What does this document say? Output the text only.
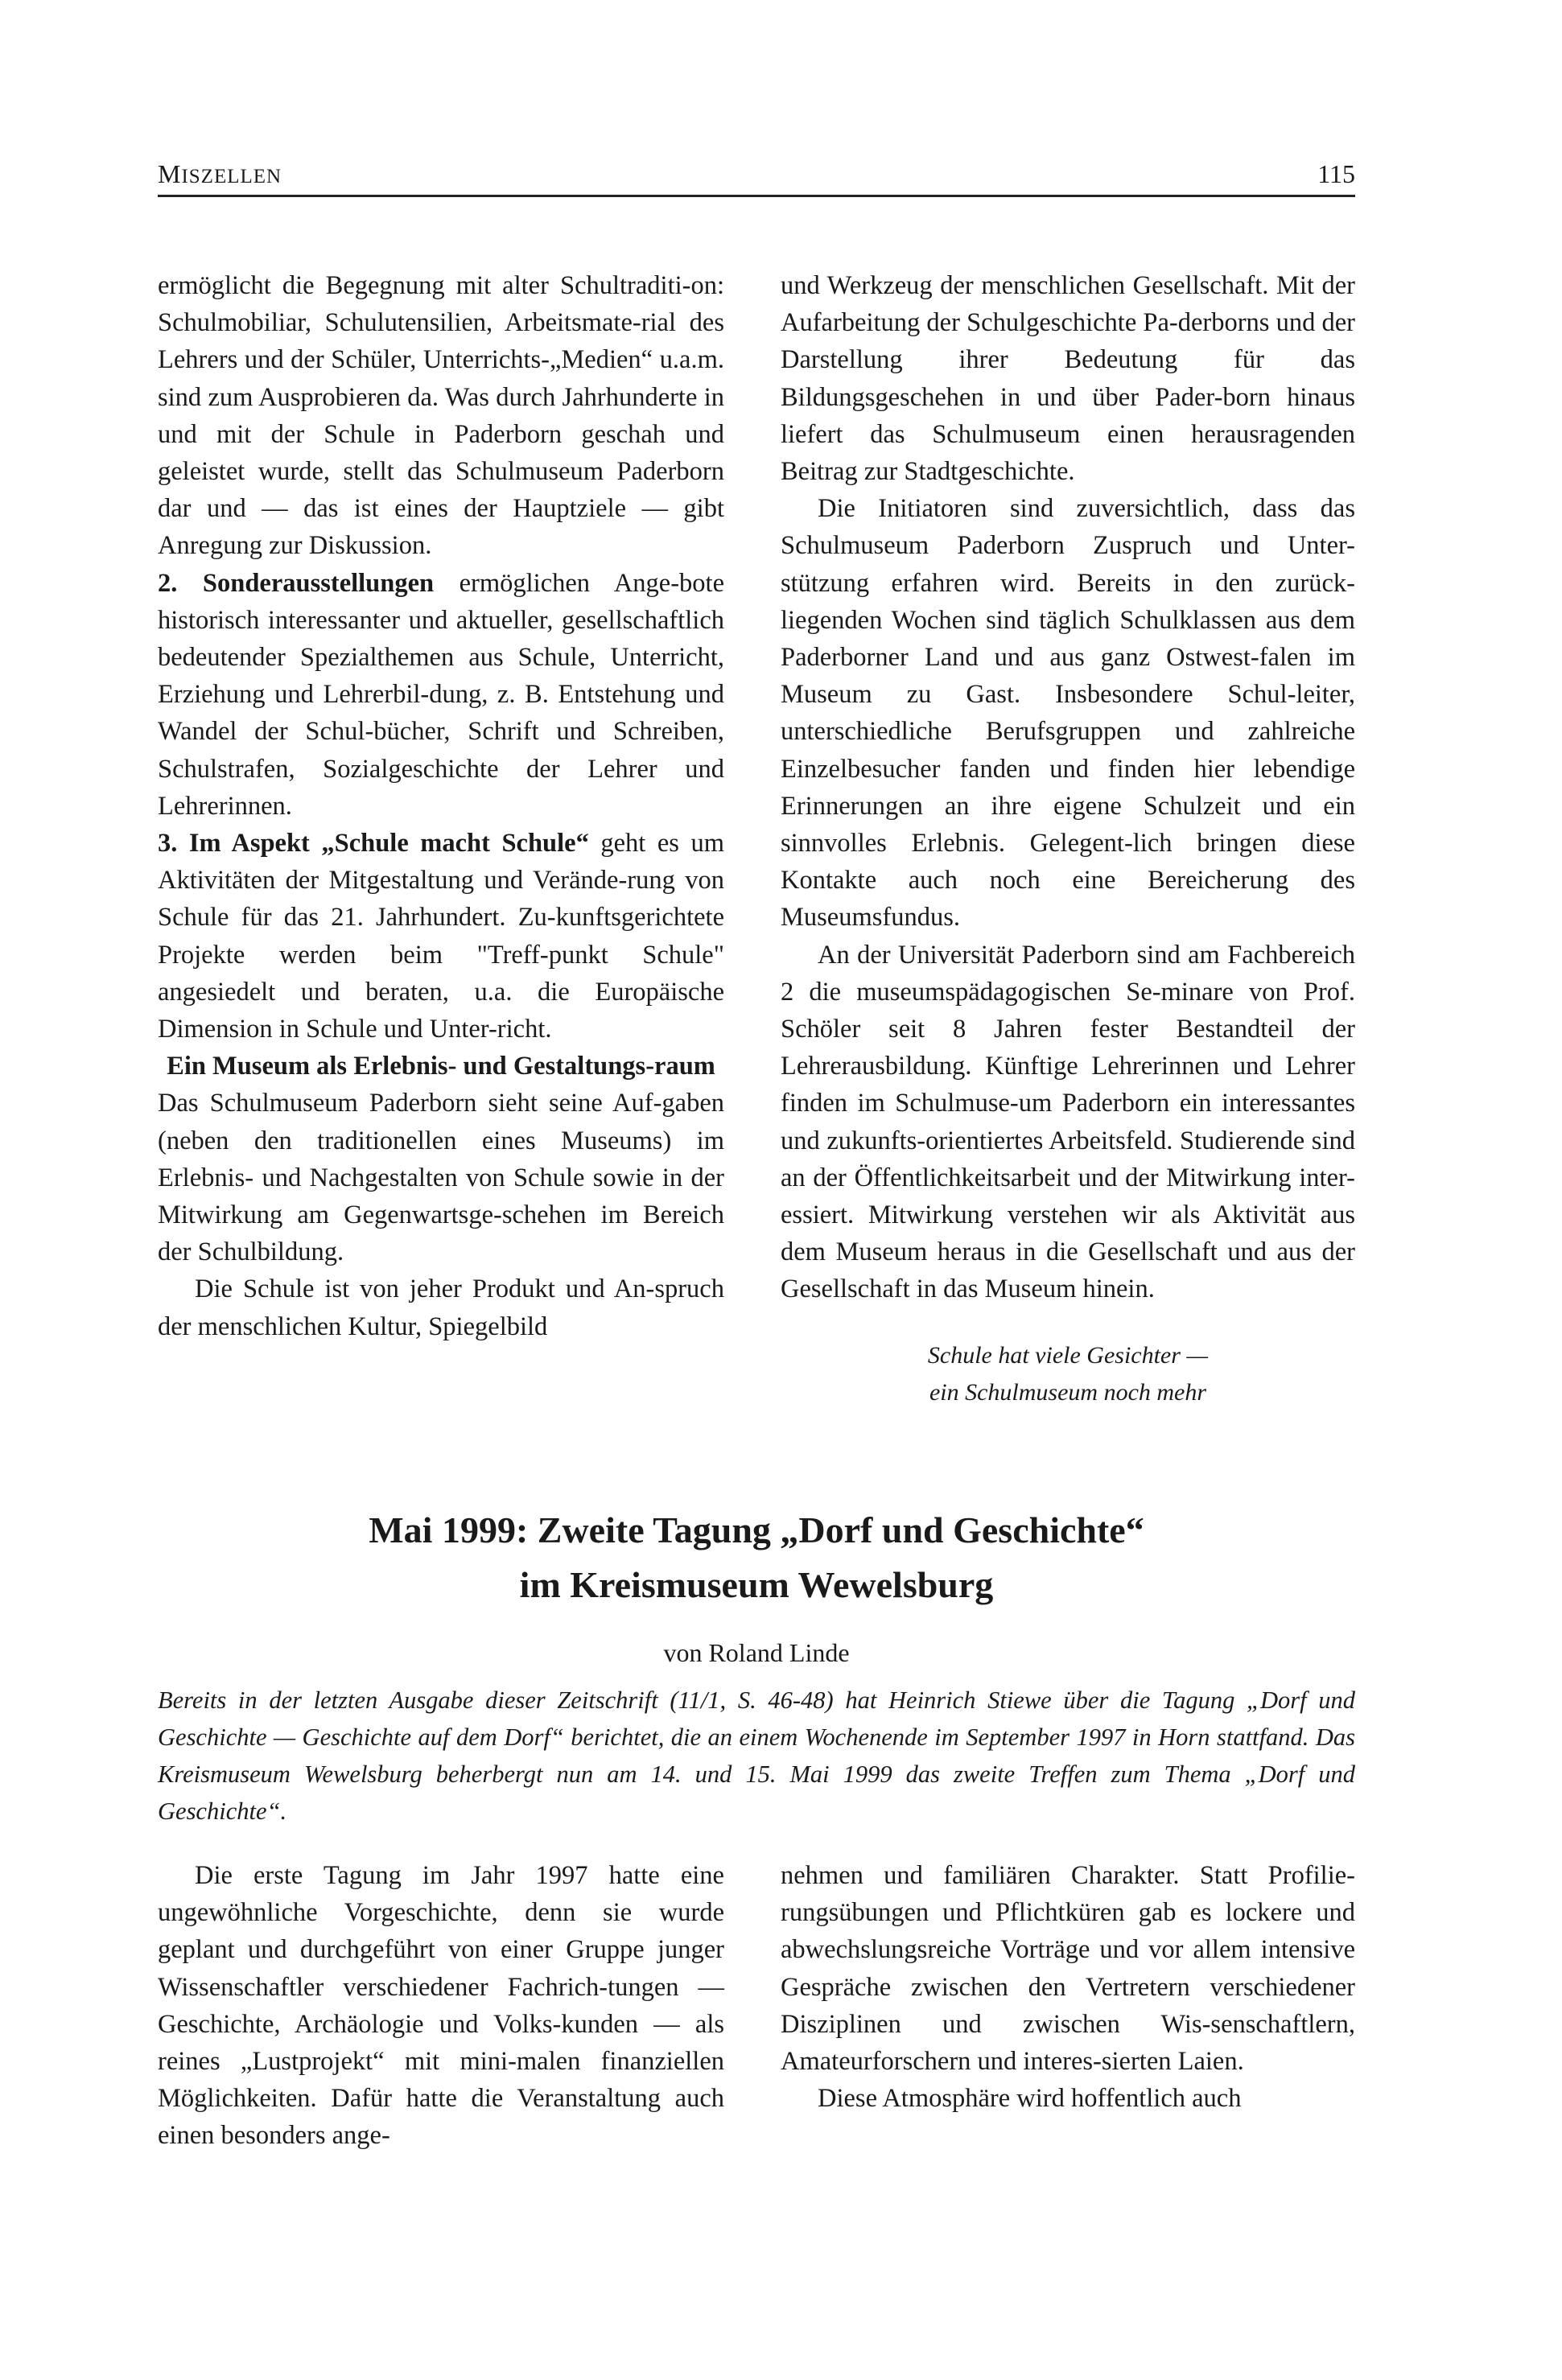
MISZELLEN	115

ermöglicht die Begegnung mit alter Schultraditi-on: Schulmobiliar, Schulutensilien, Arbeitsmate-rial des Lehrers und der Schüler, Unterrichts-„Medien“ u.a.m. sind zum Ausprobieren da. Was durch Jahrhunderte in und mit der Schule in Paderborn geschah und geleistet wurde, stellt das Schulmuseum Paderborn dar und — das ist eines der Hauptziele — gibt Anregung zur Diskussion.

2. Sonderausstellungen ermöglichen Ange-bote historisch interessanter und aktueller, gesellschaftlich bedeutender Spezialthemen aus Schule, Unterricht, Erziehung und Lehrerbil-dung, z. B. Entstehung und Wandel der Schul-bücher, Schrift und Schreiben, Schulstrafen, Sozialgeschichte der Lehrer und Lehrerinnen.

3. Im Aspekt „Schule macht Schule“ geht es um Aktivitäten der Mitgestaltung und Verände-rung von Schule für das 21. Jahrhundert. Zu-kunftsgerichtete Projekte werden beim "Treff-punkt Schule" angesiedelt und beraten, u.a. die Europäische Dimension in Schule und Unter-richt.

Ein Museum als Erlebnis- und Gestaltungs-raum

Das Schulmuseum Paderborn sieht seine Auf-gaben (neben den traditionellen eines Museums) im Erlebnis- und Nachgestalten von Schule sowie in der Mitwirkung am Gegenwartsge-schehen im Bereich der Schulbildung.

Die Schule ist von jeher Produkt und An-spruch der menschlichen Kultur, Spiegelbild

und Werkzeug der menschlichen Gesellschaft. Mit der Aufarbeitung der Schulgeschichte Pa-derborns und der Darstellung ihrer Bedeutung für das Bildungsgeschehen in und über Pader-born hinaus liefert das Schulmuseum einen herausragenden Beitrag zur Stadtgeschichte.

Die Initiatoren sind zuversichtlich, dass das Schulmuseum Paderborn Zuspruch und Unter-stützung erfahren wird. Bereits in den zurück-liegenden Wochen sind täglich Schulklassen aus dem Paderborner Land und aus ganz Ostwest-falen im Museum zu Gast. Insbesondere Schul-leiter, unterschiedliche Berufsgruppen und zahlreiche Einzelbesucher fanden und finden hier lebendige Erinnerungen an ihre eigene Schulzeit und ein sinnvolles Erlebnis. Gelegent-lich bringen diese Kontakte auch noch eine Bereicherung des Museumsfundus.

An der Universität Paderborn sind am Fachbereich 2 die museumspädagogischen Se-minare von Prof. Schöler seit 8 Jahren fester Bestandteil der Lehrerausbildung. Künftige Lehrerinnen und Lehrer finden im Schulmuse-um Paderborn ein interessantes und zukunfts-orientiertes Arbeitsfeld. Studierende sind an der Öffentlichkeitsarbeit und der Mitwirkung inter-essiert. Mitwirkung verstehen wir als Aktivität aus dem Museum heraus in die Gesellschaft und aus der Gesellschaft in das Museum hinein.

Schule hat viele Gesichter —
ein Schulmuseum noch mehr
Mai 1999: Zweite Tagung „Dorf und Geschichte“
im Kreismuseum Wewelsburg
von Roland Linde
Bereits in der letzten Ausgabe dieser Zeitschrift (11/1, S. 46-48) hat Heinrich Stiewe über die Tagung „Dorf und Geschichte — Geschichte auf dem Dorf“ berichtet, die an einem Wochenende im September 1997 in Horn stattfand. Das Kreismuseum Wewelsburg beherbergt nun am 14. und 15. Mai 1999 das zweite Treffen zum Thema „Dorf und Geschichte“.

Die erste Tagung im Jahr 1997 hatte eine ungewöhnliche Vorgeschichte, denn sie wurde geplant und durchgeführt von einer Gruppe junger Wissenschaftler verschiedener Fachrich-tungen — Geschichte, Archäologie und Volks-kunden — als reines „Lustprojekt“ mit mini-malen finanziellen Möglichkeiten. Dafür hatte die Veranstaltung auch einen besonders ange-

nehmen und familiären Charakter. Statt Profilie-rungsübungen und Pflichtküren gab es lockere und abwechslungsreiche Vorträge und vor allem intensive Gespräche zwischen den Vertretern verschiedener Disziplinen und zwischen Wis-senschaftlern, Amateurforschern und interes-sierten Laien.

Diese Atmosphäre wird hoffentlich auch
